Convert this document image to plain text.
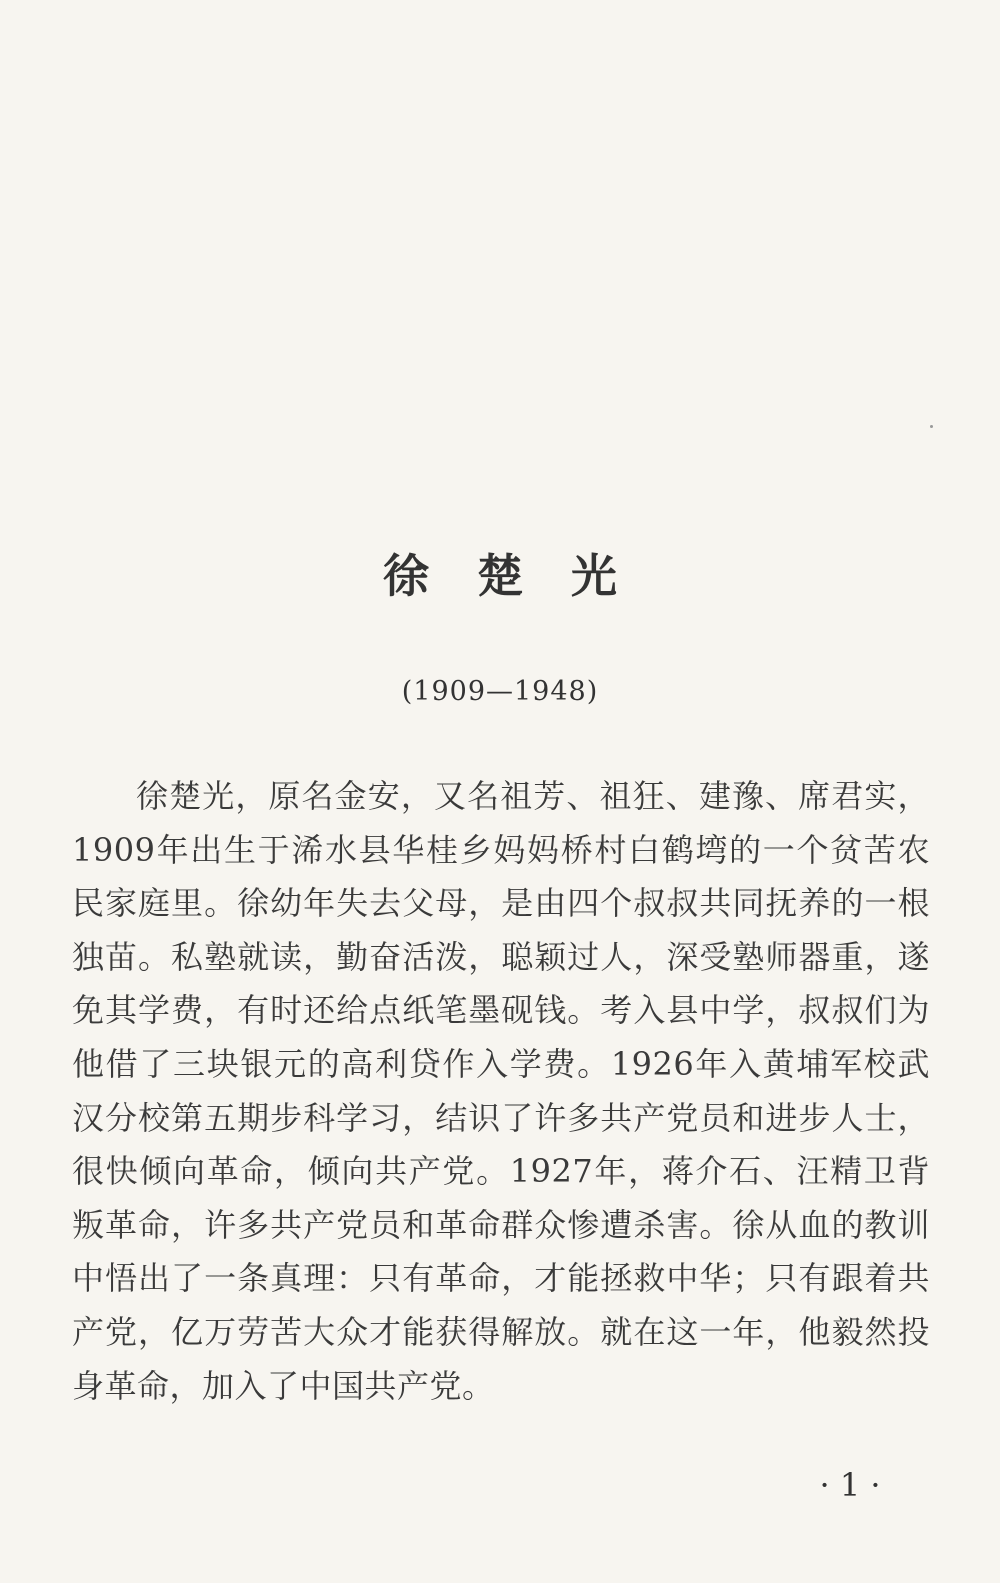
徐楚光
(1909—1948)

徐楚光，原名金安，又名祖芳、祖狂、建豫、席君实，1909年出生于浠水县华桂乡妈妈桥村白鹤塆的一个贫苦农民家庭里。徐幼年失去父母，是由四个叔叔共同抚养的一根独苗。私塾就读，勤奋活泼，聪颖过人，深受塾师器重，遂免其学费，有时还给点纸笔墨砚钱。考入县中学，叔叔们为他借了三块银元的高利贷作入学费。1926年入黄埔军校武汉分校第五期步科学习，结识了许多共产党员和进步人士，很快倾向革命，倾向共产党。1927年，蒋介石、汪精卫背叛革命，许多共产党员和革命群众惨遭杀害。徐从血的教训中悟出了一条真理：只有革命，才能拯救中华；只有跟着共产党，亿万劳苦大众才能获得解放。就在这一年，他毅然投身革命，加入了中国共产党。

· 1 ·
